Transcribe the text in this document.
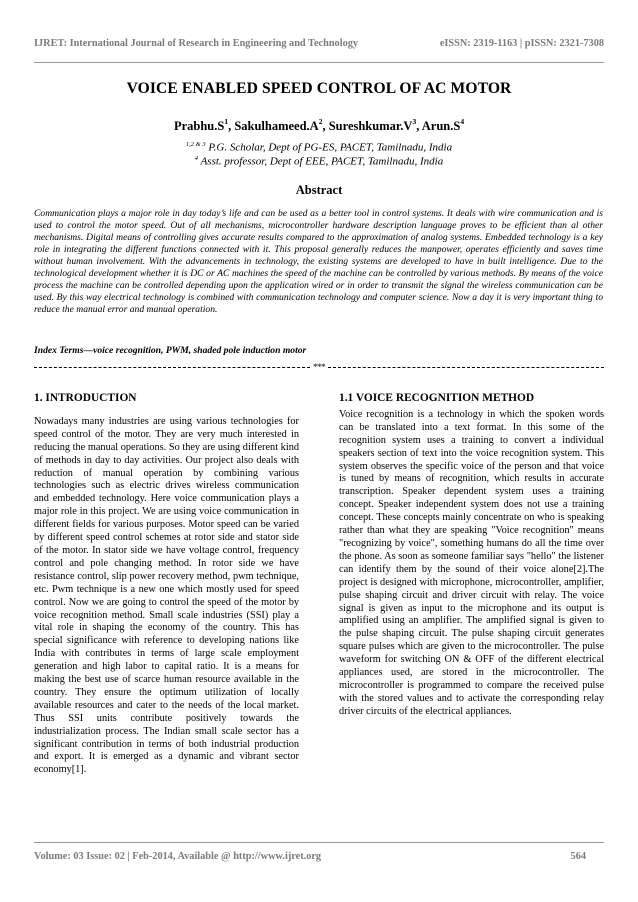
IJRET: International Journal of Research in Engineering and Technology	eISSN: 2319-1163 | pISSN: 2321-7308
VOICE ENABLED SPEED CONTROL OF AC MOTOR
$Prabhu.S^1$, $Sakulhameed.A^2$, $Sureshkumar.V^3$, $Arun.S^4$
$^{1,2 \& 3}$ P.G. Scholar, Dept of PG-ES, PACET, Tamilnadu, India
$^4$ Asst. professor, Dept of EEE, PACET, Tamilnadu, India
Abstract

Communication plays a major role in day today’s life and can be used as a better tool in control systems. It deals with wire communication and is used to control the motor speed. Out of all mechanisms, microcontroller hardware description language proves to be efficient than al other mechanisms. Digital means of controlling gives accurate results compared to the approximation of analog systems. Embedded technology is a key role in integrating the different functions connected with it. This proposal generally reduces the manpower, operates efficiently and saves time without human involvement. With the advancements in technology, the existing systems are developed to have in built intelligence. Due to the technological development whether it is DC or AC machines the speed of the machine can be controlled by various methods. By means of the voice process the machine can be controlled depending upon the application wired or in order to transmit the signal the wireless communication can be used. By this way electrical technology is combined with communication technology and computer science. Now a day it is very important thing to reduce the manual error and manual operation.

Index Terms—voice recognition, PWM, shaded pole induction motor
***
1. INTRODUCTION

Nowadays many industries are using various technologies for speed control of the motor. They are very much interested in reducing the manual operations. So they are using different kind of methods in day to day activities. Our project also deals with reduction of manual operation by combining various technologies such as electric drives wireless communication and embedded technology. Here voice communication plays a major role in this project. We are using voice communication in different fields for various purposes. Motor speed can be varied by different speed control schemes at rotor side and stator side of the motor. In stator side we have voltage control, frequency control and pole changing method. In rotor side we have resistance control, slip power recovery method, pwm technique, etc. Pwm technique is a new one which mostly used for speed control. Now we are going to control the speed of the motor by voice recognition method. Small scale industries (SSI) play a vital role in shaping the economy of the country. This has special significance with reference to developing nations like India with contributes in terms of large scale employment generation and high labor to capital ratio. It is a means for making the best use of scarce human resource available in the country. They ensure the optimum utilization of locally available resources and cater to the needs of the local market. Thus SSI units contribute positively towards the industrialization process. The Indian small scale sector has a significant contribution in terms of both industrial production and export. It is emerged as a dynamic and vibrant sector economy[1].

1.1 VOICE RECOGNITION METHOD

Voice recognition is a technology in which the spoken words can be translated into a text format. In this some of the recognition system uses a training to convert a individual speakers section of text into the voice recognition system. This system observes the specific voice of the person and that voice is tuned by means of recognition, which results in accurate transcription. Speaker dependent system uses a training concept. Speaker independent system does not use a training concept. These concepts mainly concentrate on who is speaking rather than what they are speaking "Voice recognition" means "recognizing by voice", something humans do all the time over the phone. As soon as someone familiar says "hello" the listener can identify them by the sound of their voice alone[2].The project is designed with microphone, microcontroller, amplifier, pulse shaping circuit and driver circuit with relay. The voice signal is given as input to the microphone and its output is amplified using an amplifier. The amplified signal is given to the pulse shaping circuit. The pulse shaping circuit generates square pulses which are given to the microcontroller. The pulse waveform for switching ON & OFF of the different electrical appliances used, are stored in the microcontroller. The microcontroller is programmed to compare the received pulse with the stored values and to activate the corresponding relay driver circuits of the electrical appliances.

Volume: 03 Issue: 02 | Feb-2014, Available @ http://www.ijret.org	564
